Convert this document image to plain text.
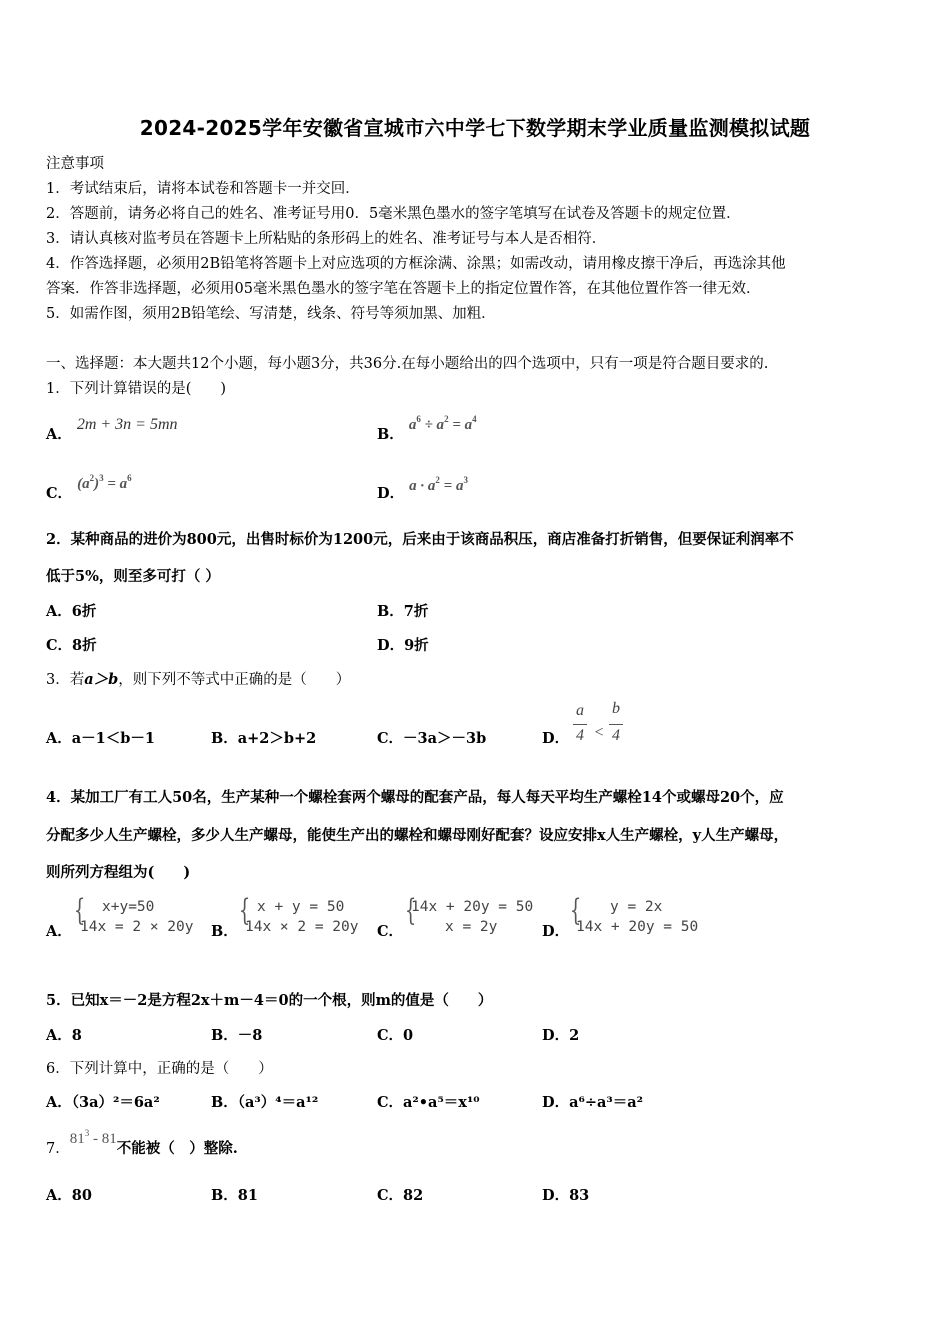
2024-2025学年安徽省宣城市六中学七下数学期末学业质量监测模拟试题
注意事项
1．考试结束后，请将本试卷和答题卡一并交回．
2．答题前，请务必将自己的姓名、准考证号用0．5毫米黑色墨水的签字笔填写在试卷及答题卡的规定位置．
3．请认真核对监考员在答题卡上所粘贴的条形码上的姓名、准考证号与本人是否相符．
4．作答选择题，必须用2B铅笔将答题卡上对应选项的方框涂满、涂黑；如需改动，请用橡皮擦干净后，再选涂其他
答案．作答非选择题，必须用05毫米黑色墨水的签字笔在答题卡上的指定位置作答，在其他位置作答一律无效．
5．如需作图，须用2B铅笔绘、写清楚，线条、符号等须加黑、加粗．
一、选择题：本大题共12个小题，每小题3分，共36分.在每小题给出的四个选项中，只有一项是符合题目要求的.
1．下列计算错误的是(　　)
A． 2m + 3n = 5mn
B． $a^6 \div a^2 = a^4$
C． $(a^2)^3 = a^6$
D． $a \cdot a^2 = a^3$
2．某种商品的进价为800元，出售时标价为1200元，后来由于该商品积压，商店准备打折销售，但要保证利润率不
低于5%，则至多可打（ ）
A．6折	B．7折
C．8折	D．9折
3．若a＞b，则下列不等式中正确的是（　　）
A．a－1＜b－1	B．a+2＞b+2	C．－3a＞－3b	D．
a
4 <
b
4
4．某加工厂有工人50名，生产某种一个螺栓套两个螺母的配套产品，每人每天平均生产螺栓14个或螺母20个，应
分配多少人生产螺栓，多少人生产螺母，能使生产出的螺栓和螺母刚好配套？设应安排x人生产螺栓，y人生产螺母，
则所列方程组为(　　)
A．
{	x+y=50
14x = 2 × 20y B．
{ x + y = 50
14x × 2 = 20y C．
{
14x + 20y = 50
x = 2y	D．
{	y = 2x
14x + 20y = 50
5．已知x＝－2是方程2x＋m－4＝0的一个根，则m的值是（　　）
A．8	B．－8	C．0	D．2
6．下列计算中，正确的是（　　）
A．（3a）²＝6a²	B．（a³）⁴＝a¹²	C．a²•a⁵＝x¹⁰	D．a⁶÷a³＝a²
7．$81^3 - 81$不能被（　）整除.
A．80	B．81	C．82	D．83
